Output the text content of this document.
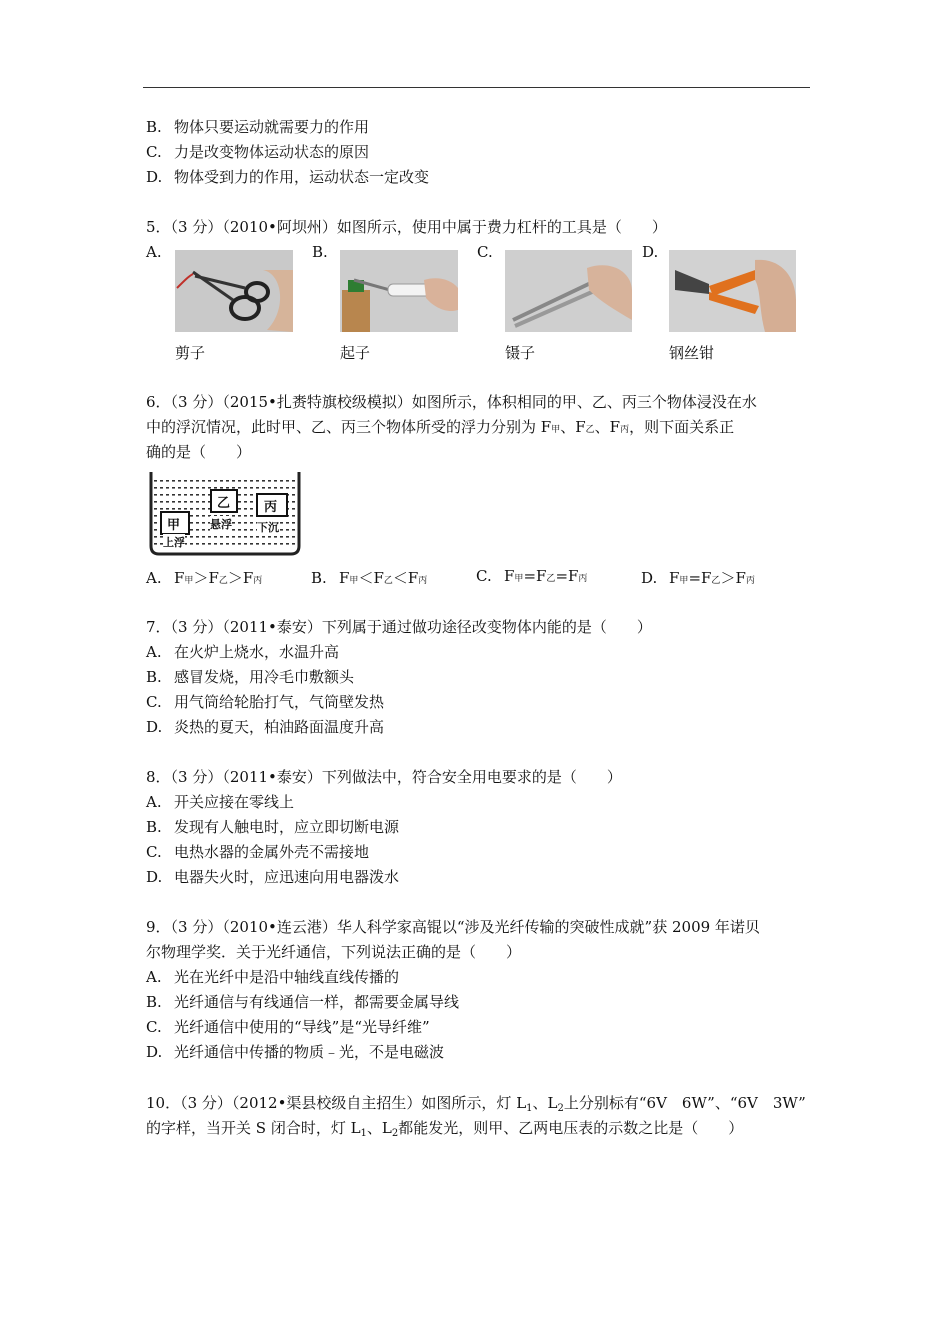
B. 物体只要运动就需要力的作用
C. 力是改变物体运动状态的原因
D. 物体受到力的作用，运动状态一定改变
5．（3 分）（2010•阿坝州）如图所示，使用中属于费力杠杆的工具是（　　）
A.
剪子
B.
起子
C.
镊子
D.
钢丝钳
6．（3 分）（2015•扎赉特旗校级模拟）如图所示，体积相同的甲、乙、丙三个物体浸没在水
中的浮沉情况，此时甲、乙、丙三个物体所受的浮力分别为 F甲、F乙、F丙，则下面关系正
确的是（　　）
甲
上浮
乙
悬浮
丙
下沉
A. F甲＞F乙＞F丙	B. F甲＜F乙＜F丙	C. F甲=F乙=F丙	D. F甲=F乙＞F丙
7．（3 分）（2011•泰安）下列属于通过做功途径改变物体内能的是（　　）
A. 在火炉上烧水，水温升高
B. 感冒发烧，用冷毛巾敷额头
C. 用气筒给轮胎打气，气筒壁发热
D. 炎热的夏天，柏油路面温度升高
8．（3 分）（2011•泰安）下列做法中，符合安全用电要求的是（　　）
A. 开关应接在零线上
B. 发现有人触电时，应立即切断电源
C. 电热水器的金属外壳不需接地
D. 电器失火时，应迅速向用电器泼水
9．（3 分）（2010•连云港）华人科学家高锟以“涉及光纤传输的突破性成就”获 2009 年诺贝
尔物理学奖．关于光纤通信，下列说法正确的是（　　）
A. 光在光纤中是沿中轴线直线传播的
B. 光纤通信与有线通信一样，都需要金属导线
C. 光纤通信中使用的“导线”是“光导纤维”
D. 光纤通信中传播的物质﹣光，不是电磁波
10．（3 分）（2012•渠县校级自主招生）如图所示，灯 $L_1$、$L_2$上分别标有“6V　6W”、“6V　3W”
的字样，当开关 S 闭合时，灯 $L_1$、$L_2$都能发光，则甲、乙两电压表的示数之比是（　　）
